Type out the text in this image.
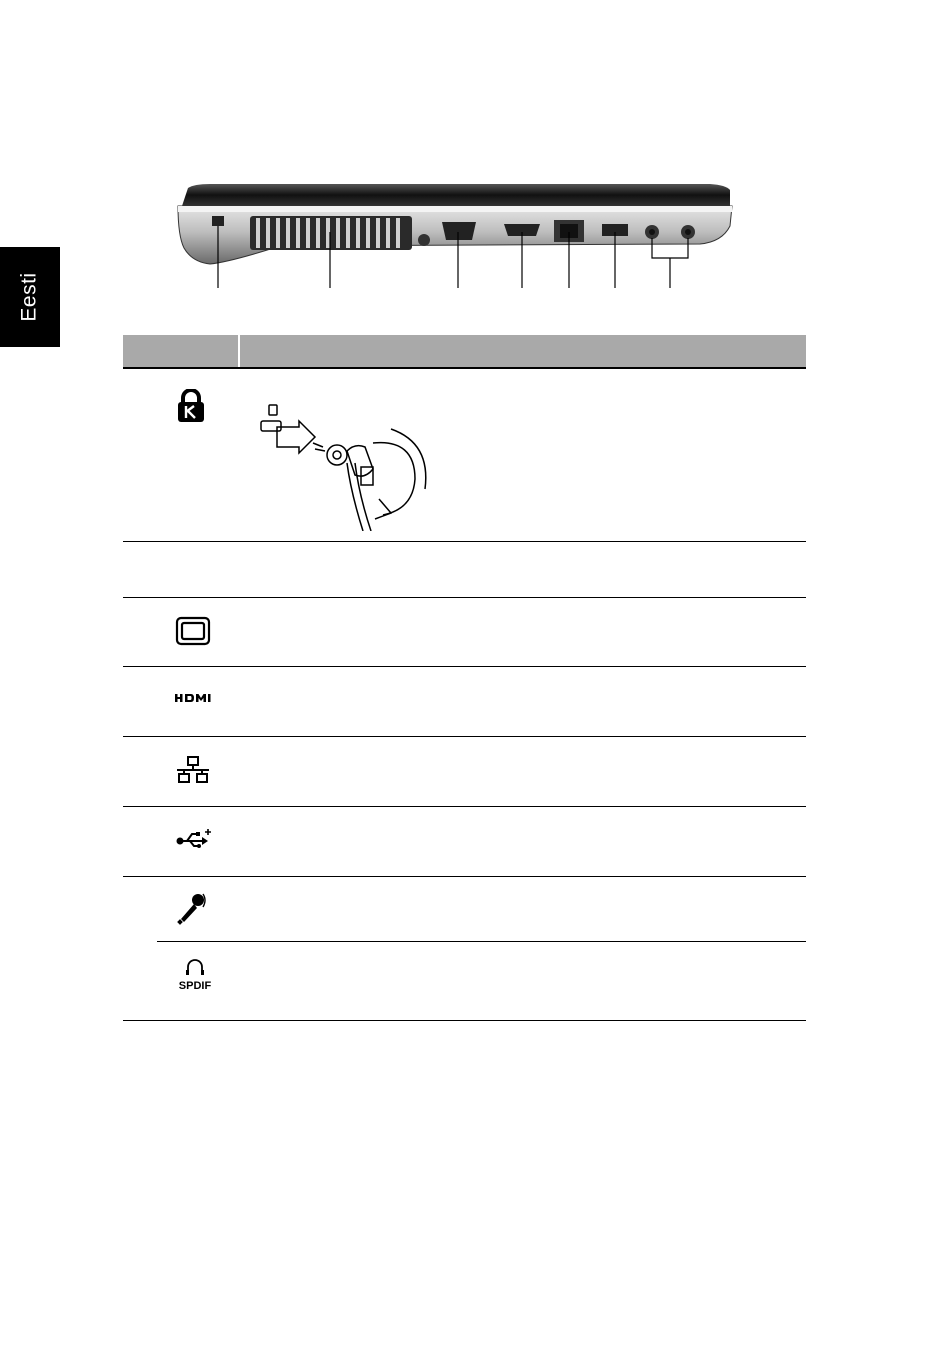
Eesti
SPDIF
